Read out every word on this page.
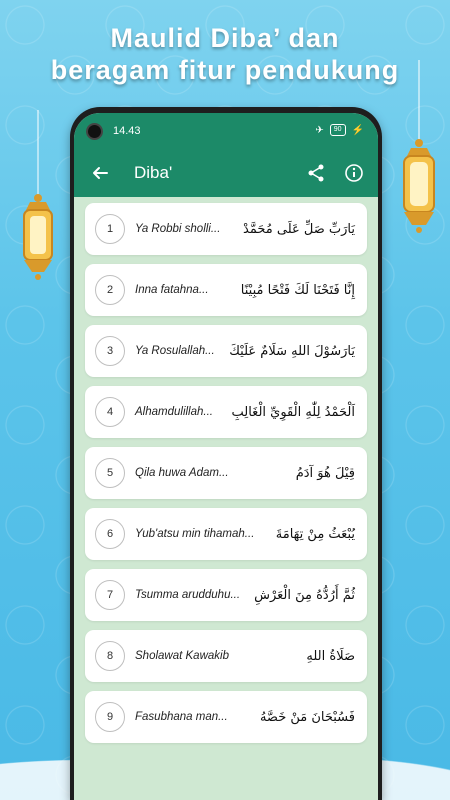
Maulid Diba’ dan
beragam fitur pendukung
14.43	✈	90	⚡
Diba'
1	Ya Robbi sholli...	يَارَبِّ صَلِّ عَلَى مُحَمَّدْ
2	Inna fatahna...	إِنَّا فَتَحْنَا لَكَ فَتْحًا مُبِيْنًا
3	Ya Rosulallah...	يَارَسُوْلَ اللهِ سَلَامٌ عَلَيْكَ
4	Alhamdulillah...	اَلْحَمْدُ لِلّٰهِ الْقَوِيِّ الْغَالِبِ
5	Qila huwa Adam...	قِيْلَ هُوَ آدَمُ
6	Yub'atsu min tihamah... يُبْعَثُ مِنْ تِهَامَةَ
7	Tsumma arudduhu... ثُمَّ أَرُدُّهُ مِنَ الْعَرْشِ
8	Sholawat Kawakib	صَلَاةُ اللهِ
9	Fasubhana man...	فَسُبْحَانَ مَنْ خَصَّهُ
